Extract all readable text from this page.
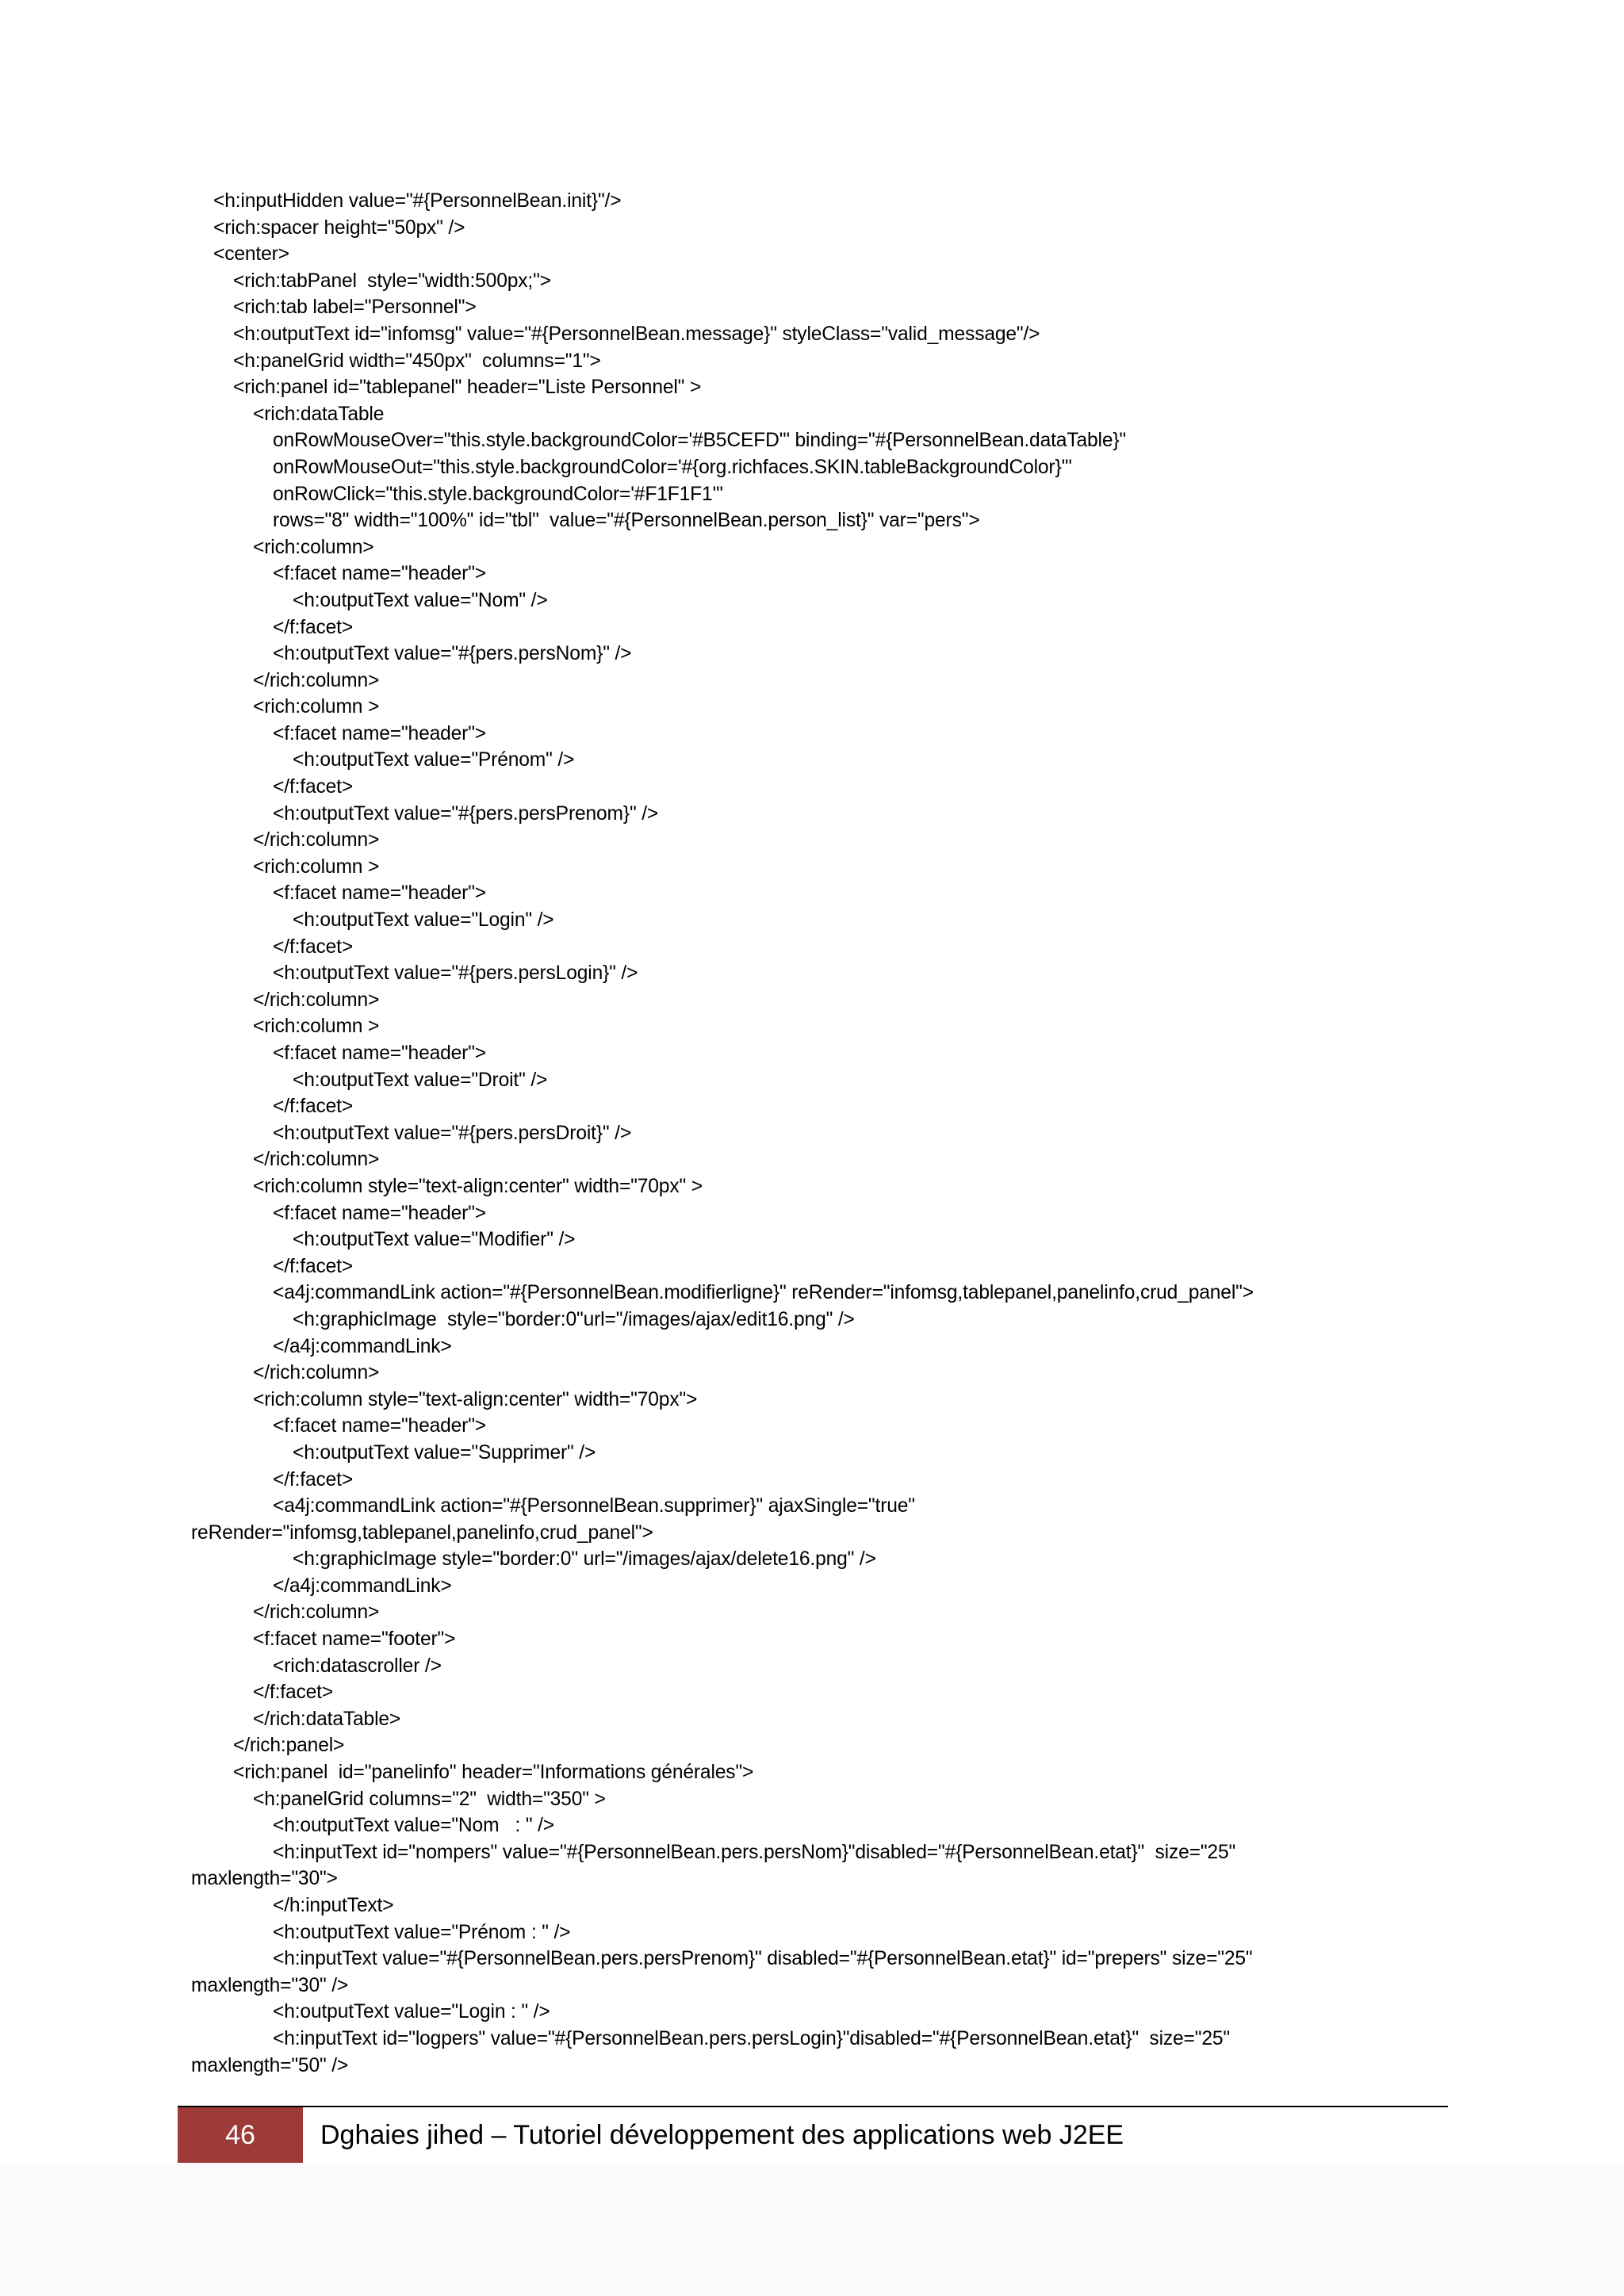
<h:inputHidden value="#{PersonnelBean.init}"/>
<rich:spacer height="50px" />
<center>
<rich:tabPanel  style="width:500px;">
<rich:tab label="Personnel">
<h:outputText id="infomsg" value="#{PersonnelBean.message}" styleClass="valid_message"/>
<h:panelGrid width="450px"  columns="1">
<rich:panel id="tablepanel" header="Liste Personnel" >
<rich:dataTable
onRowMouseOver="this.style.backgroundColor='#B5CEFD'" binding="#{PersonnelBean.dataTable}"
onRowMouseOut="this.style.backgroundColor='#{org.richfaces.SKIN.tableBackgroundColor}'"
onRowClick="this.style.backgroundColor='#F1F1F1'"
rows="8" width="100%" id="tbl"  value="#{PersonnelBean.person_list}" var="pers">
<rich:column>
<f:facet name="header">
<h:outputText value="Nom" />
</f:facet>
<h:outputText value="#{pers.persNom}" />
</rich:column>
<rich:column >
<f:facet name="header">
<h:outputText value="Prénom" />
</f:facet>
<h:outputText value="#{pers.persPrenom}" />
</rich:column>
<rich:column >
<f:facet name="header">
<h:outputText value="Login" />
</f:facet>
<h:outputText value="#{pers.persLogin}" />
</rich:column>
<rich:column >
<f:facet name="header">
<h:outputText value="Droit" />
</f:facet>
<h:outputText value="#{pers.persDroit}" />
</rich:column>
<rich:column style="text-align:center" width="70px" >
<f:facet name="header">
<h:outputText value="Modifier" />
</f:facet>
<a4j:commandLink action="#{PersonnelBean.modifierligne}" reRender="infomsg,tablepanel,panelinfo,crud_panel">
<h:graphicImage  style="border:0"url="/images/ajax/edit16.png" />
</a4j:commandLink>
</rich:column>
<rich:column style="text-align:center" width="70px">
<f:facet name="header">
<h:outputText value="Supprimer" />
</f:facet>
<a4j:commandLink action="#{PersonnelBean.supprimer}" ajaxSingle="true"
reRender="infomsg,tablepanel,panelinfo,crud_panel">
<h:graphicImage style="border:0" url="/images/ajax/delete16.png" />
</a4j:commandLink>
</rich:column>
<f:facet name="footer">
<rich:datascroller />
</f:facet>
</rich:dataTable>
</rich:panel>
<rich:panel  id="panelinfo" header="Informations générales">
<h:panelGrid columns="2"  width="350" >
<h:outputText value="Nom   : " />
<h:inputText id="nompers" value="#{PersonnelBean.pers.persNom}"disabled="#{PersonnelBean.etat}"  size="25"
maxlength="30">
</h:inputText>
<h:outputText value="Prénom : " />
<h:inputText value="#{PersonnelBean.pers.persPrenom}" disabled="#{PersonnelBean.etat}" id="prepers" size="25"
maxlength="30" />
<h:outputText value="Login : " />
<h:inputText id="logpers" value="#{PersonnelBean.pers.persLogin}"disabled="#{PersonnelBean.etat}"  size="25"
maxlength="50" />
46	Dghaies jihed – Tutoriel développement des applications web J2EE
